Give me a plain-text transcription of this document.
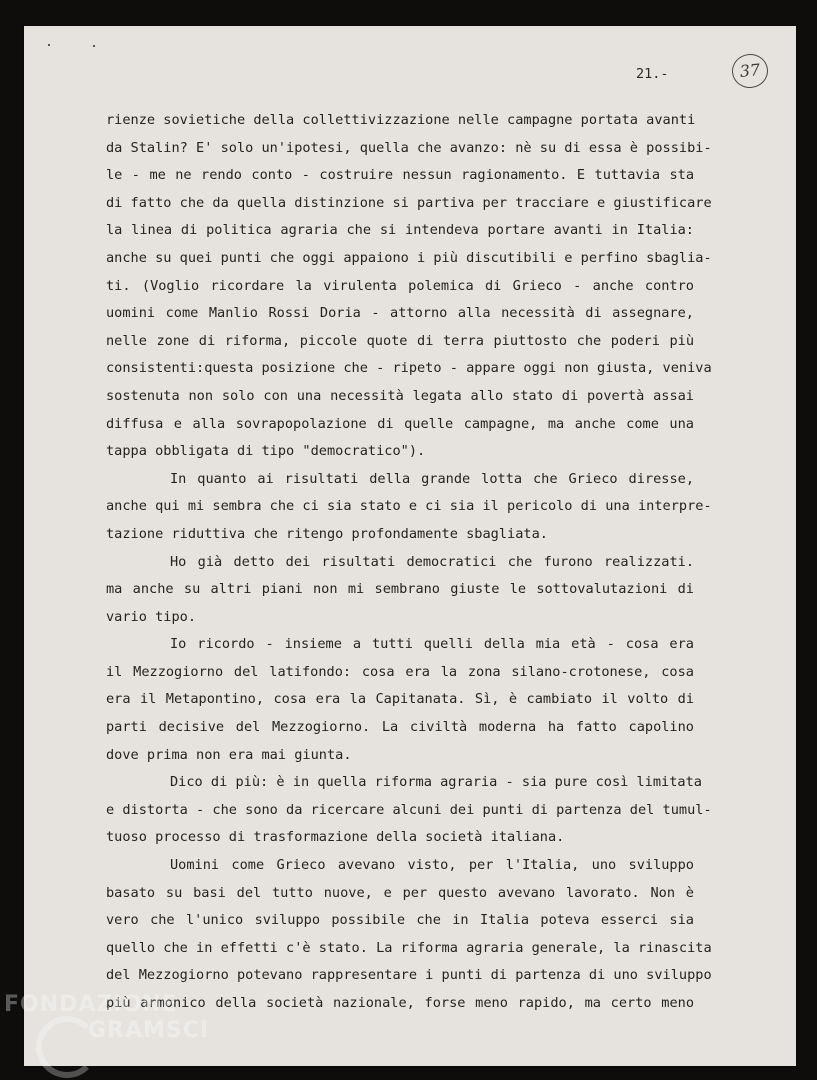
21.-	37
rienze sovietiche della collettivizzazione nelle campagne portata avanti
da Stalin? E' solo un'ipotesi, quella che avanzo: nè su di essa è possibi-
le - me ne rendo conto - costruire nessun ragionamento. E tuttavia sta
di fatto che da quella distinzione si partiva per tracciare e giustificare
la linea di politica agraria che si intendeva portare avanti in Italia:
anche su quei punti che oggi appaiono i più discutibili e perfino sbaglia-
ti. (Voglio ricordare la virulenta polemica di Grieco - anche contro
uomini come Manlio Rossi Doria - attorno alla necessità di assegnare,
nelle zone di riforma, piccole quote di terra piuttosto che poderi più
consistenti:questa posizione che - ripeto - appare oggi non giusta, veniva
sostenuta non solo con una necessità legata allo stato di povertà assai
diffusa e alla sovrapopolazione di quelle campagne, ma anche come una
tappa obbligata di tipo "democratico").
In quanto ai risultati della grande lotta che Grieco diresse,
anche qui mi sembra che ci sia stato e ci sia il pericolo di una interpre-
tazione riduttiva che ritengo profondamente sbagliata.
Ho già detto dei risultati democratici che furono realizzati.
ma anche su altri piani non mi sembrano giuste le sottovalutazioni di
vario tipo.
Io ricordo - insieme a tutti quelli della mia età - cosa era
il Mezzogiorno del latifondo: cosa era la zona silano-crotonese, cosa
era il Metapontino, cosa era la Capitanata. Sì, è cambiato il volto di
parti decisive del Mezzogiorno. La civiltà moderna ha fatto capolino
dove prima non era mai giunta.
Dico di più: è in quella riforma agraria - sia pure così limitata
e distorta - che sono da ricercare alcuni dei punti di partenza del tumul-
tuoso processo di trasformazione della società italiana.
Uomini come Grieco avevano visto, per l'Italia, uno sviluppo
basato su basi del tutto nuove, e per questo avevano lavorato. Non è
vero che l'unico sviluppo possibile che in Italia poteva esserci sia
quello che in effetti c'è stato. La riforma agraria generale, la rinascita
del Mezzogiorno potevano rappresentare i punti di partenza di uno sviluppo
più armonico della società nazionale, forse meno rapido, ma certo meno
FONDAZIONE
GRAMSCI
